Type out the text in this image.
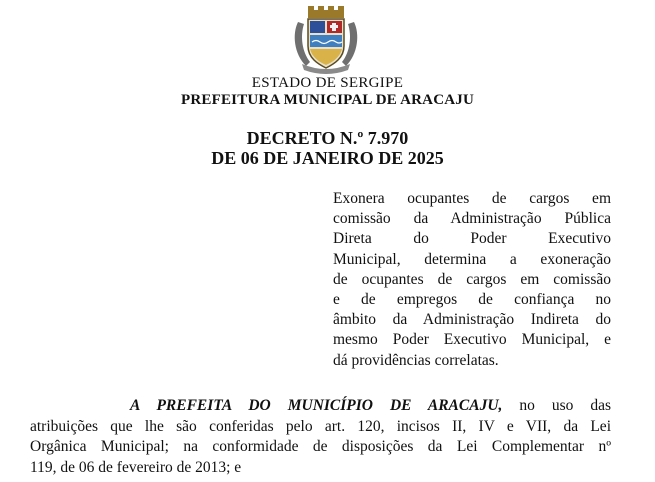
ESTADO DE SERGIPE
PREFEITURA MUNICIPAL DE ARACAJU
DECRETO N.º 7.970
DE 06 DE JANEIRO DE 2025
Exonera ocupantes de cargos em
comissão da Administração Pública
Direta do Poder Executivo
Municipal, determina a exoneração
de ocupantes de cargos em comissão
e de empregos de confiança no
âmbito da Administração Indireta do
mesmo Poder Executivo Municipal, e
dá providências correlatas.
A PREFEITA DO MUNICÍPIO DE ARACAJU, no uso das
atribuições que lhe são conferidas pelo art. 120, incisos II, IV e VII, da Lei
Orgânica Municipal; na conformidade de disposições da Lei Complementar nº
119, de 06 de fevereiro de 2013; e
